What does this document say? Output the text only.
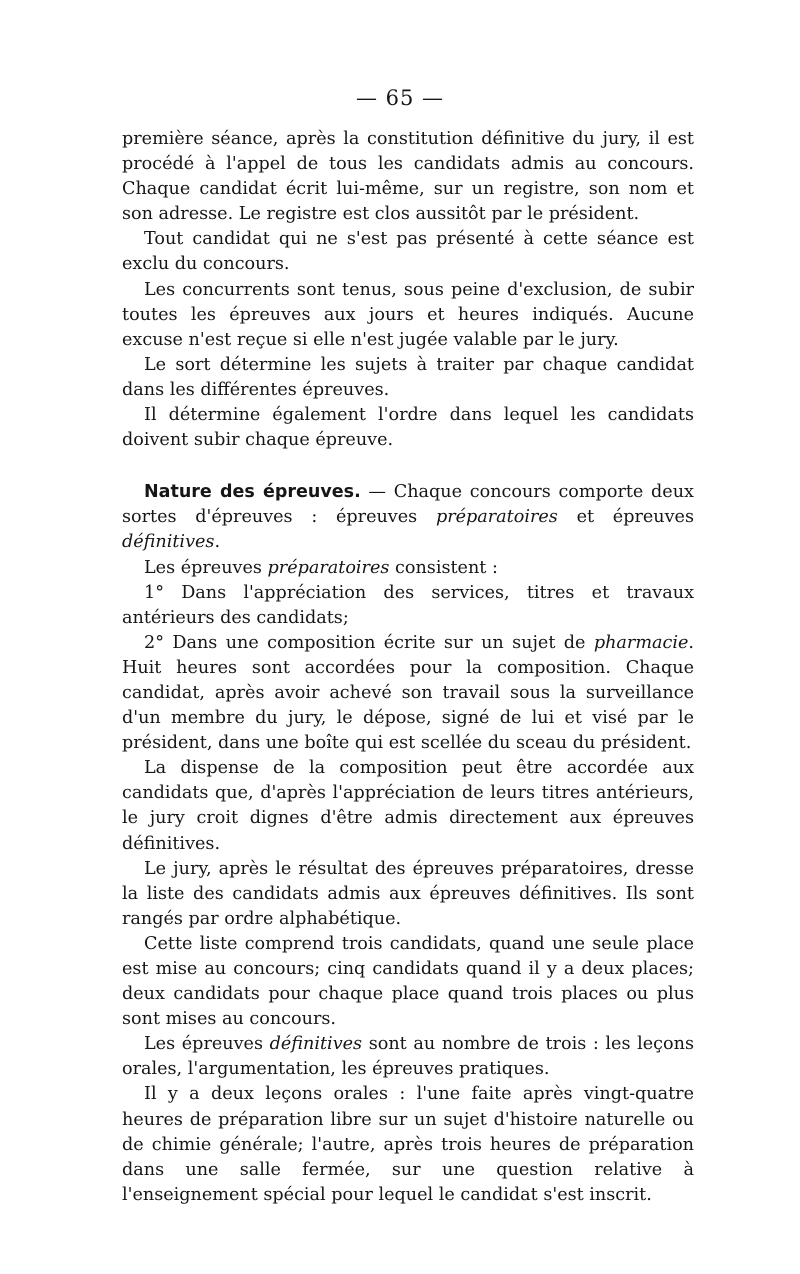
— 65 —

première séance, après la constitution définitive du jury, il est procédé à l'appel de tous les candidats admis au concours. Chaque candidat écrit lui-même, sur un registre, son nom et son adresse. Le registre est clos aussitôt par le président.

Tout candidat qui ne s'est pas présenté à cette séance est exclu du concours.

Les concurrents sont tenus, sous peine d'exclusion, de subir toutes les épreuves aux jours et heures indiqués. Aucune excuse n'est reçue si elle n'est jugée valable par le jury.

Le sort détermine les sujets à traiter par chaque candidat dans les différentes épreuves.

Il détermine également l'ordre dans lequel les candidats doivent subir chaque épreuve.

Nature des épreuves. — Chaque concours comporte deux sortes d'épreuves : épreuves préparatoires et épreuves définitives.

Les épreuves préparatoires consistent :

1° Dans l'appréciation des services, titres et travaux antérieurs des candidats;

2° Dans une composition écrite sur un sujet de pharmacie. Huit heures sont accordées pour la composition. Chaque candidat, après avoir achevé son travail sous la surveillance d'un membre du jury, le dépose, signé de lui et visé par le président, dans une boîte qui est scellée du sceau du président.

La dispense de la composition peut être accordée aux candidats que, d'après l'appréciation de leurs titres antérieurs, le jury croit dignes d'être admis directement aux épreuves définitives.

Le jury, après le résultat des épreuves préparatoires, dresse la liste des candidats admis aux épreuves définitives. Ils sont rangés par ordre alphabétique.

Cette liste comprend trois candidats, quand une seule place est mise au concours; cinq candidats quand il y a deux places; deux candidats pour chaque place quand trois places ou plus sont mises au concours.

Les épreuves définitives sont au nombre de trois : les leçons orales, l'argumentation, les épreuves pratiques.

Il y a deux leçons orales : l'une faite après vingt-quatre heures de préparation libre sur un sujet d'histoire naturelle ou de chimie générale; l'autre, après trois heures de préparation dans une salle fermée, sur une question relative à l'enseignement spécial pour lequel le candidat s'est inscrit.
